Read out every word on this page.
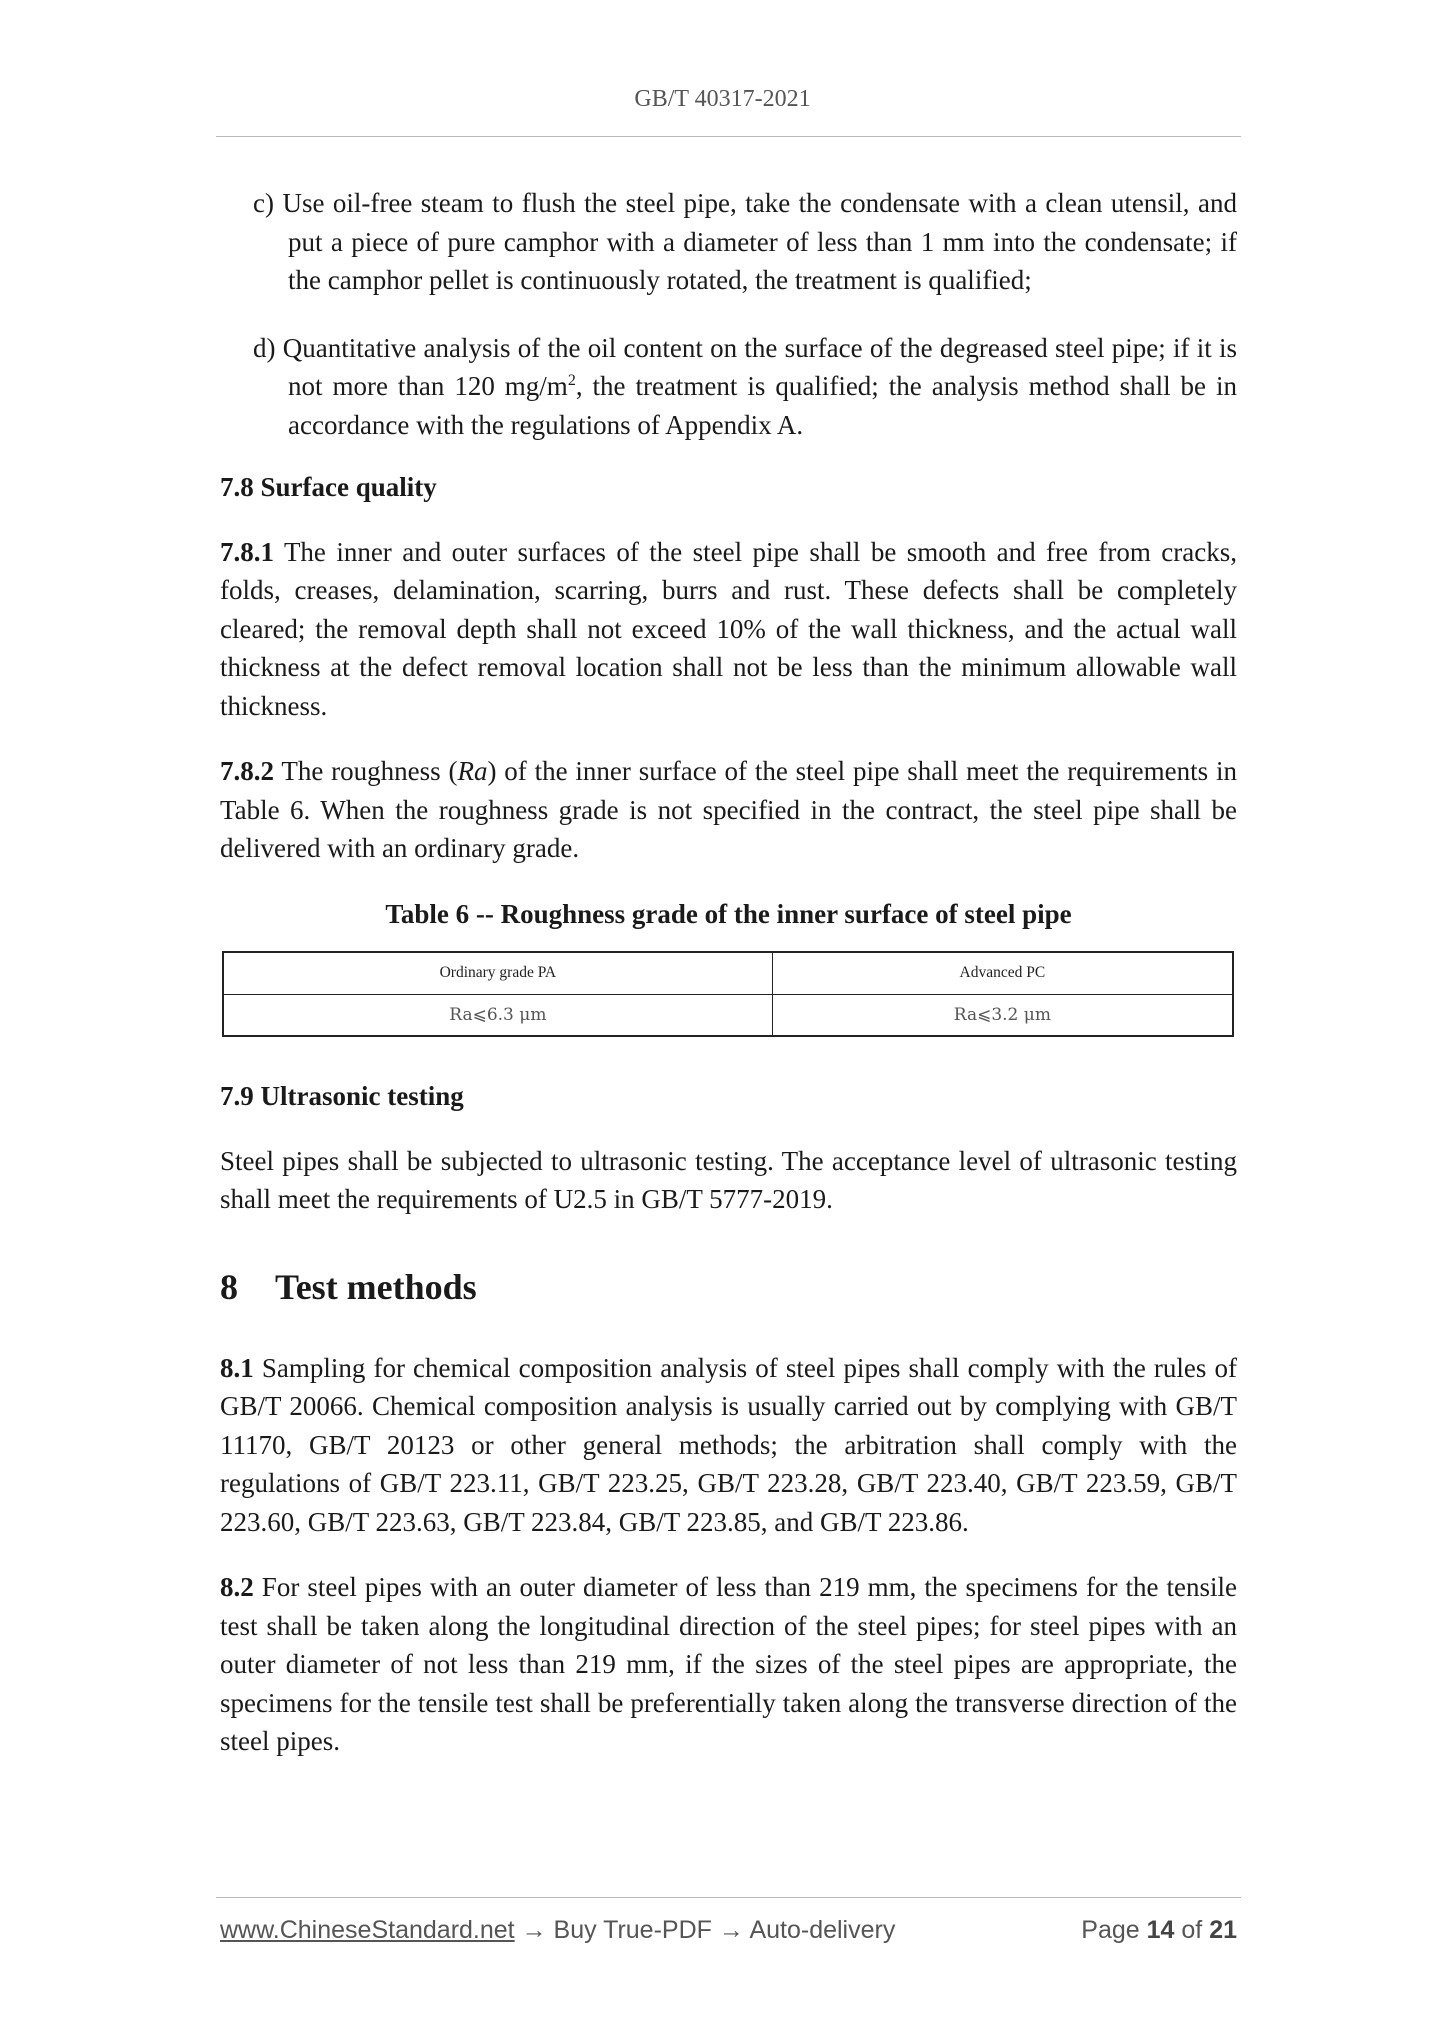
GB/T 40317-2021
c) Use oil-free steam to flush the steel pipe, take the condensate with a clean utensil, and put a piece of pure camphor with a diameter of less than 1 mm into the condensate; if the camphor pellet is continuously rotated, the treatment is qualified;
d) Quantitative analysis of the oil content on the surface of the degreased steel pipe; if it is not more than 120 $mg/m^2$, the treatment is qualified; the analysis method shall be in accordance with the regulations of Appendix A.

7.8 Surface quality

7.8.1 The inner and outer surfaces of the steel pipe shall be smooth and free from cracks, folds, creases, delamination, scarring, burrs and rust. These defects shall be completely cleared; the removal depth shall not exceed 10% of the wall thickness, and the actual wall thickness at the defect removal location shall not be less than the minimum allowable wall thickness.

7.8.2 The roughness (Ra) of the inner surface of the steel pipe shall meet the requirements in Table 6. When the roughness grade is not specified in the contract, the steel pipe shall be delivered with an ordinary grade.

Table 6 -- Roughness grade of the inner surface of steel pipe

Ordinary grade PA	Advanced PC
Ra⩽6.3 μm	Ra⩽3.2 μm

7.9 Ultrasonic testing

Steel pipes shall be subjected to ultrasonic testing. The acceptance level of ultrasonic testing shall meet the requirements of U2.5 in GB/T 5777-2019.

8 Test methods

8.1 Sampling for chemical composition analysis of steel pipes shall comply with the rules of GB/T 20066. Chemical composition analysis is usually carried out by complying with GB/T 11170, GB/T 20123 or other general methods; the arbitration shall comply with the regulations of GB/T 223.11, GB/T 223.25, GB/T 223.28, GB/T 223.40, GB/T 223.59, GB/T 223.60, GB/T 223.63, GB/T 223.84, GB/T 223.85, and GB/T 223.86.

8.2 For steel pipes with an outer diameter of less than 219 mm, the specimens for the tensile test shall be taken along the longitudinal direction of the steel pipes; for steel pipes with an outer diameter of not less than 219 mm, if the sizes of the steel pipes are appropriate, the specimens for the tensile test shall be preferentially taken along the transverse direction of the steel pipes.

www.ChineseStandard.net → Buy True-PDF → Auto-delivery	Page 14 of 21
